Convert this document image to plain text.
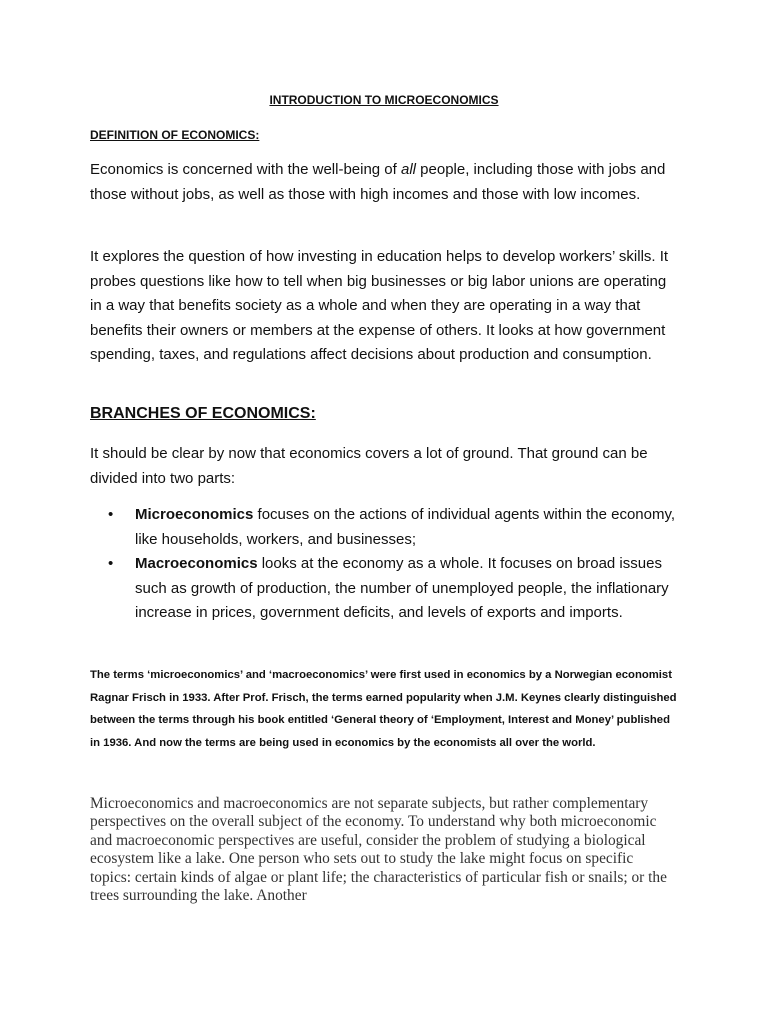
INTRODUCTION TO MICROECONOMICS
DEFINITION OF ECONOMICS:

Economics is concerned with the well-being of all people, including those with jobs and those without jobs, as well as those with high incomes and those with low incomes.

It explores the question of how investing in education helps to develop workers’ skills. It probes questions like how to tell when big businesses or big labor unions are operating in a way that benefits society as a whole and when they are operating in a way that benefits their owners or members at the expense of others. It looks at how government spending, taxes, and regulations affect decisions about production and consumption.

BRANCHES OF ECONOMICS:

It should be clear by now that economics covers a lot of ground. That ground can be divided into two parts:

• Microeconomics focuses on the actions of individual agents within the economy, like households, workers, and businesses;
• Macroeconomics looks at the economy as a whole. It focuses on broad issues such as growth of production, the number of unemployed people, the inflationary increase in prices, government deficits, and levels of exports and imports.

The terms ‘microeconomics’ and ‘macroeconomics’ were first used in economics by a Norwegian economist Ragnar Frisch in 1933. After Prof. Frisch, the terms earned popularity when J.M. Keynes clearly distinguished between the terms through his book entitled ‘General theory of ‘Employment, Interest and Money’ published in 1936. And now the terms are being used in economics by the economists all over the world.

Microeconomics and macroeconomics are not separate subjects, but rather complementary perspectives on the overall subject of the economy. To understand why both microeconomic and macroeconomic perspectives are useful, consider the problem of studying a biological ecosystem like a lake. One person who sets out to study the lake might focus on specific topics: certain kinds of algae or plant life; the characteristics of particular fish or snails; or the trees surrounding the lake. Another
